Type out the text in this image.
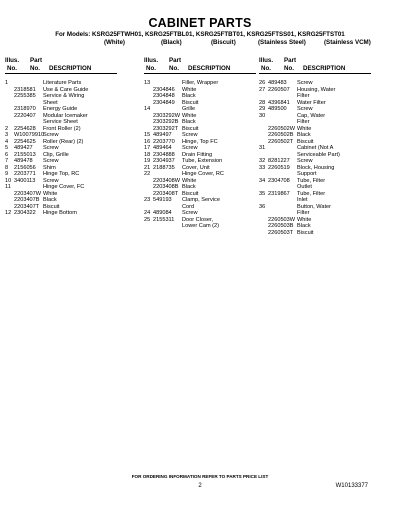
CABINET PARTS
For Models: KSRG25FTWH01, KSRG25FTBL01, KSRG25FTBT01, KSRG25FTSS01, KSRG25FTST01
(White)	(Black)	(Biscuit)	(Stainless Steel)	(Stainless VCM)
Illus.
No.
Part
No. DESCRIPTION
1	Literature Parts
2318581 Use & Care Guide
2255385 Service & Wiring
Sheet
2318970 Energy Guide
2220407 Modular Icemaker
Service Sheet
2 2254628 Front Roller (2)
3 W10079910
Screw
4 2254625 Roller (Rear) (2)
5 489427 Screw
6 2155013 Clip, Grille
7 489478 Screw
8 2156056 Shim
9 2203771 Hinge Top, RC
10 3400113 Screw
11	Hinge Cover, FC
2203407W White
2203407B Black
2203407T Biscuit
12 2304322 Hinge Bottom
Illus.
No.
Part
No. DESCRIPTION
13	Filler, Wrapper
2304846 White
2304848 Black
2304849 Biscuit
14	Grille
2303292W White
2303292B Black
2303292T Biscuit
15 489497 Screw
16 2203770 Hinge, Top FC
17 489464 Screw
18 2304888 Drain Fitting
19 2304937 Tube, Extension
21 2188735 Cover, Unit
22	Hinge Cover, RC
2203408W White
2203408B Black
2203408T Biscuit
23 549193 Clamp, Service
Cord
24 489084 Screw
25 2155311 Door Closer,
Lower Cam (2)
Illus.
No.
Part
No. DESCRIPTION
26 489483 Screw
27 2260507 Housing, Water
Filter
28 4396841 Water Filter
29 489500 Screw
30	Cap, Water
Filter
2260502W White
2260502B Black
2260502T Biscuit
31	Cabinet (Not A
Serviceable Part)
32 8281227 Screw
33 2260519 Block, Housing
Support
34 2304708 Tube, Filter
Outlet
35 2319867 Tube, Filter
Inlet
36	Button, Water
Filter
2260503W White
2260503B Black
2260503T Biscuit
FOR ORDERING INFORMATION REFER TO PARTS PRICE LIST
2	W10133377
